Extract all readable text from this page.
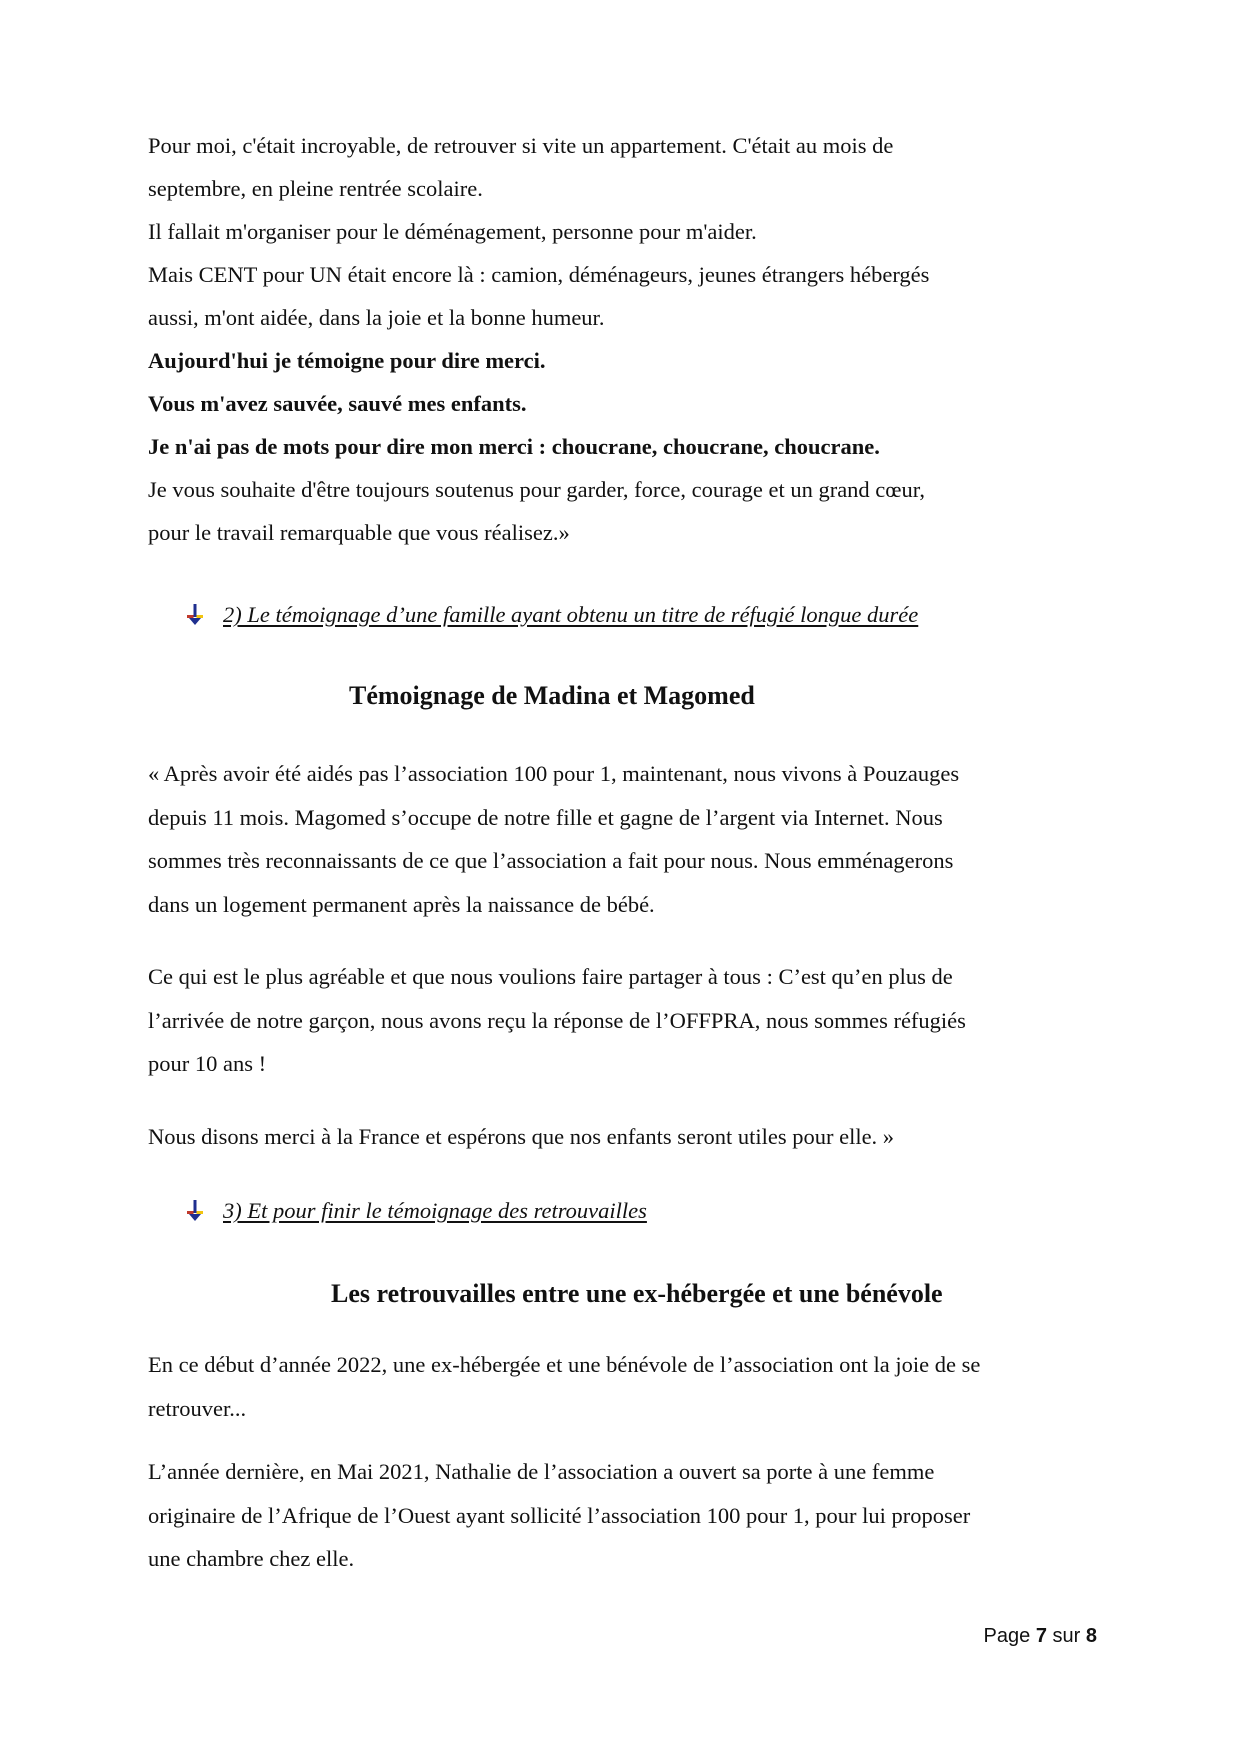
Pour moi, c'était incroyable, de retrouver si vite un appartement. C'était au mois de
septembre, en pleine rentrée scolaire.
Il fallait m'organiser pour le déménagement, personne pour m'aider.
Mais CENT pour UN était encore là : camion, déménageurs, jeunes étrangers hébergés
aussi, m'ont aidée, dans la joie et la bonne humeur.
Aujourd'hui je témoigne pour dire merci.
Vous m'avez sauvée, sauvé mes enfants.
Je n'ai pas de mots pour dire mon merci : choucrane, choucrane, choucrane.
Je vous souhaite d'être toujours soutenus pour garder, force, courage et un grand cœur,
pour le travail remarquable que vous réalisez.»
2) Le témoignage d’une famille ayant obtenu un titre de réfugié longue durée
Témoignage de Madina et Magomed

« Après avoir été aidés pas l’association 100 pour 1, maintenant, nous vivons à Pouzauges
depuis 11 mois. Magomed s’occupe de notre fille et gagne de l’argent via Internet. Nous
sommes très reconnaissants de ce que l’association a fait pour nous. Nous emménagerons
dans un logement permanent après la naissance de bébé.

Ce qui est le plus agréable et que nous voulions faire partager à tous : C’est qu’en plus de
l’arrivée de notre garçon, nous avons reçu la réponse de l’OFFPRA, nous sommes réfugiés
pour 10 ans !

Nous disons merci à la France et espérons que nos enfants seront utiles pour elle. »

3) Et pour finir le témoignage des retrouvailles
Les retrouvailles entre une ex-hébergée et une bénévole

En ce début d’année 2022, une ex-hébergée et une bénévole de l’association ont la joie de se
retrouver...

L’année dernière, en Mai 2021, Nathalie de l’association a ouvert sa porte à une femme
originaire de l’Afrique de l’Ouest ayant sollicité l’association 100 pour 1, pour lui proposer
une chambre chez elle.

Page 7 sur 8
